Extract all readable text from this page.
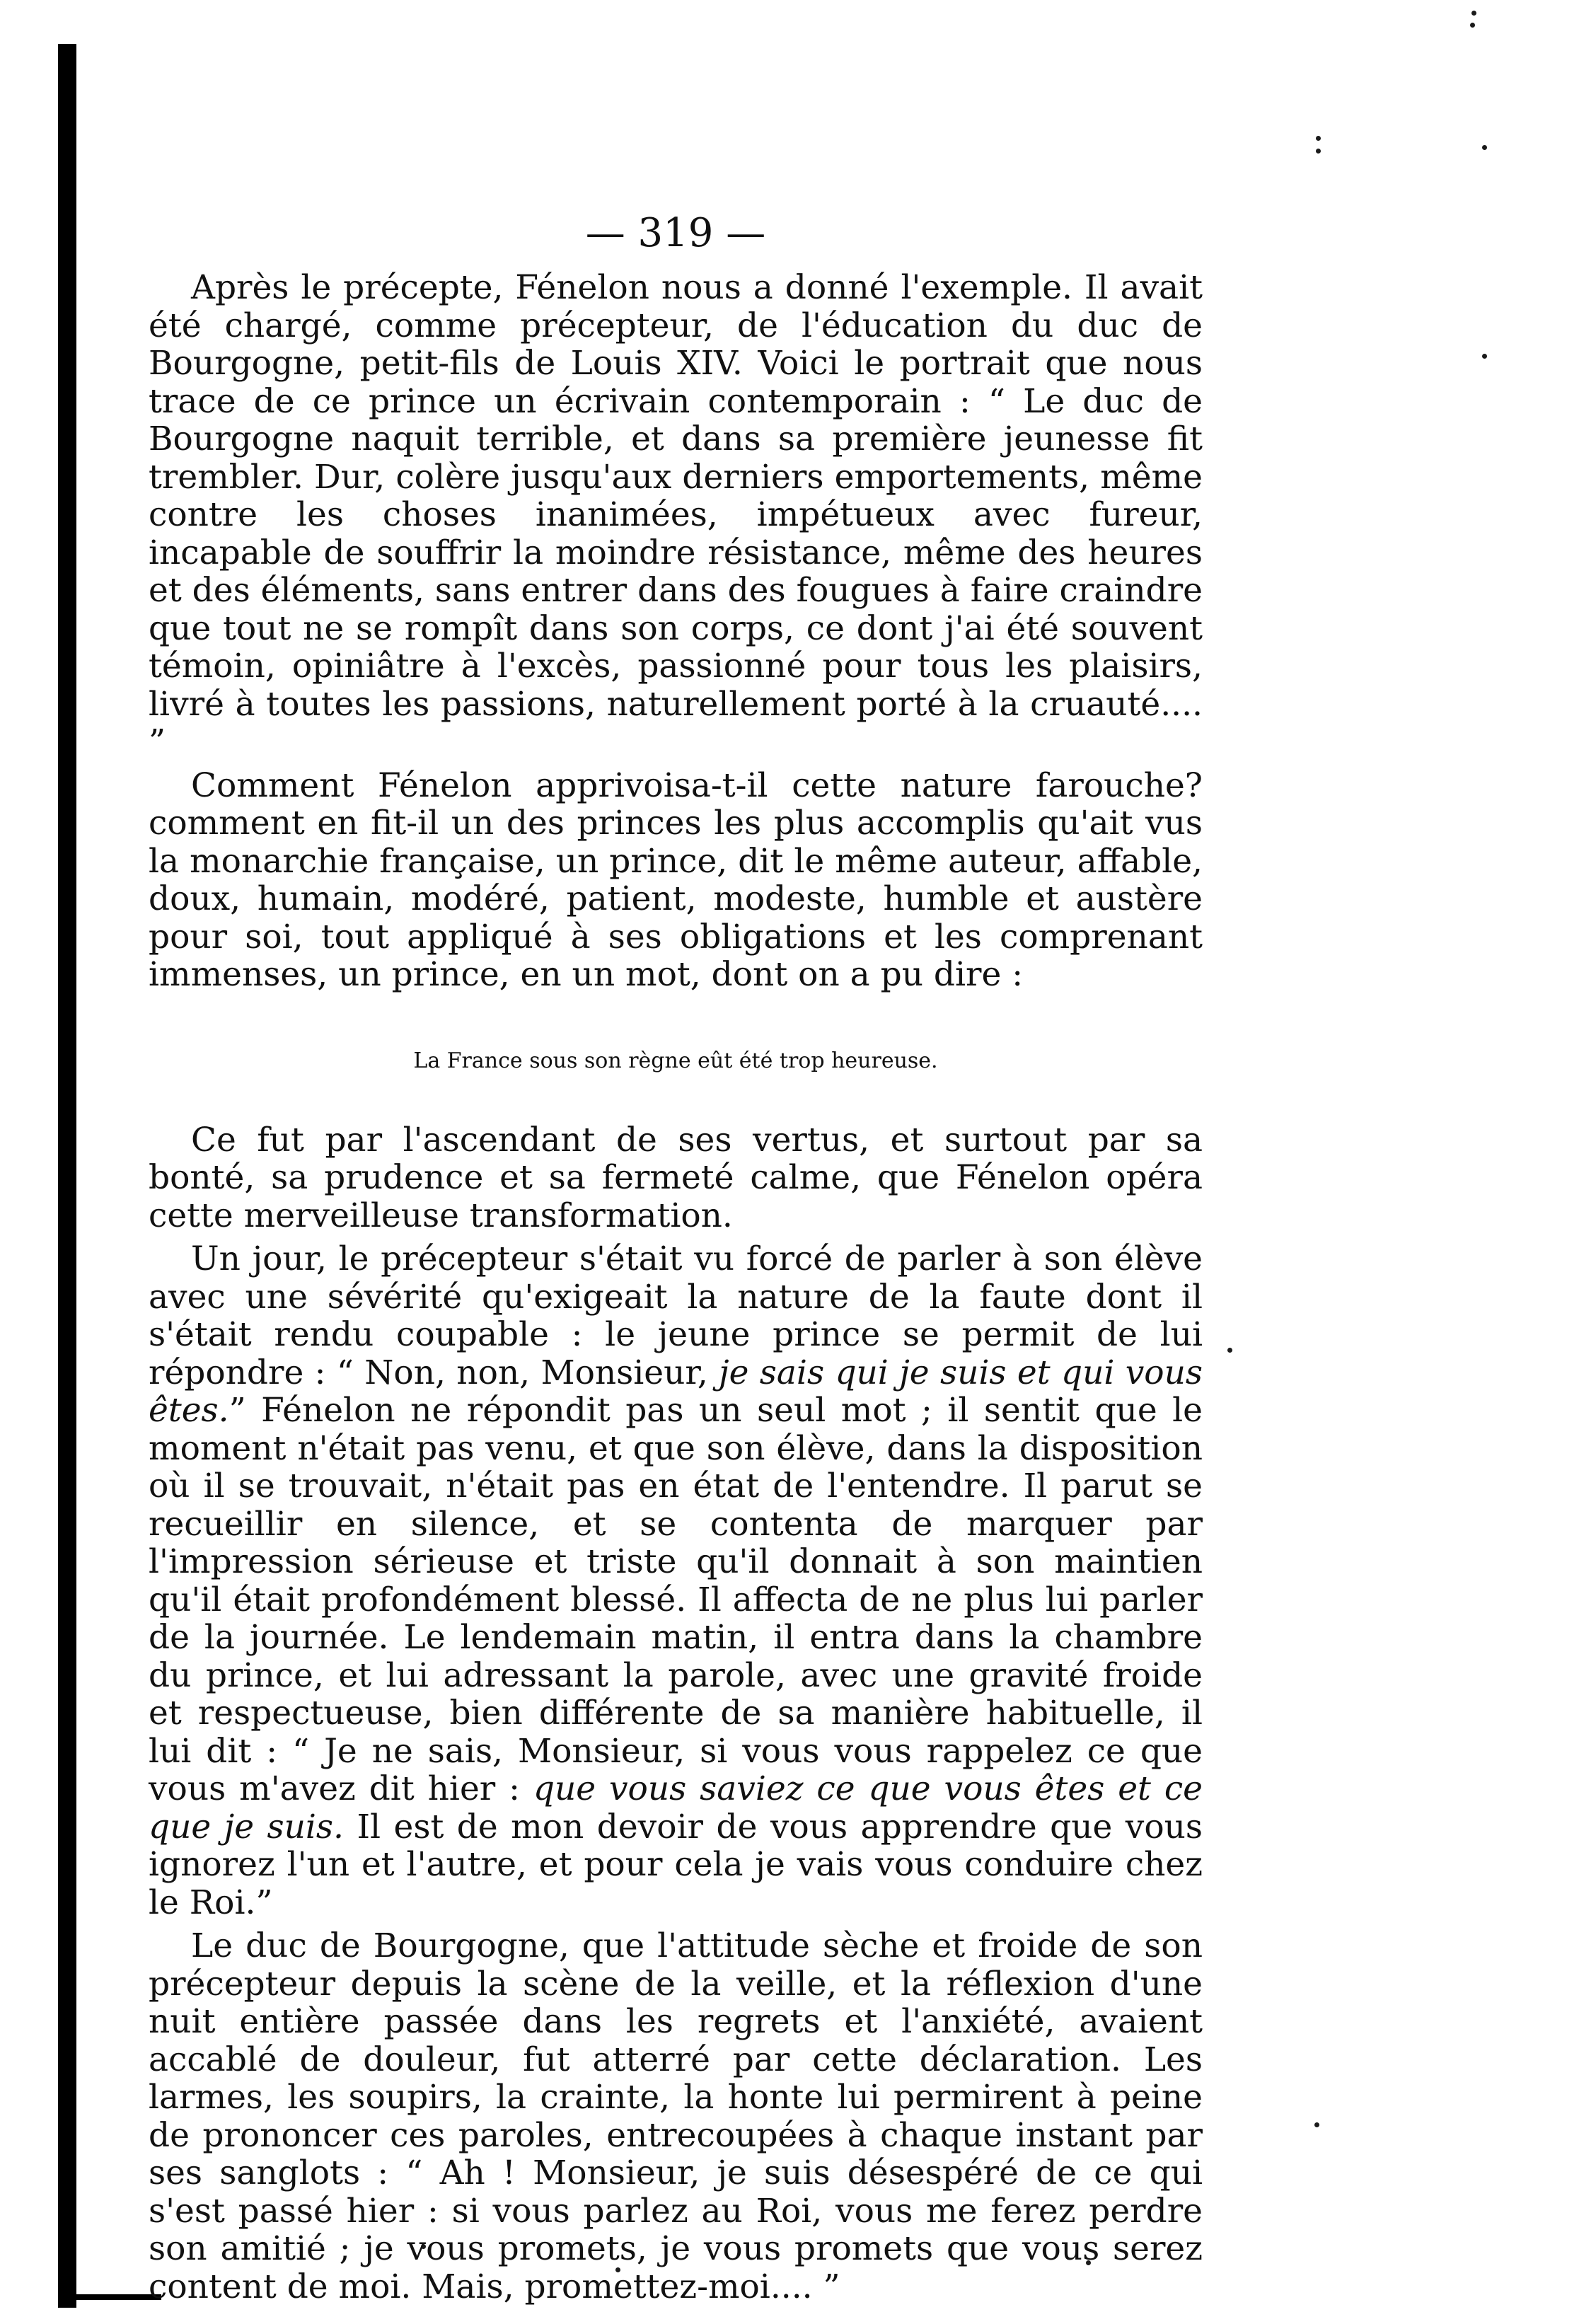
— 319 —

Après le précepte, Fénelon nous a donné l'exemple. Il avait été chargé, comme précepteur, de l'éducation du duc de Bourgogne, petit-fils de Louis XIV. Voici le portrait que nous trace de ce prince un écrivain contemporain : “ Le duc de Bourgogne naquit terrible, et dans sa première jeunesse fit trembler. Dur, colère jusqu'aux derniers emportements, même contre les choses inanimées, impétueux avec fureur, incapable de souffrir la moindre résistance, même des heures et des éléments, sans entrer dans des fougues à faire craindre que tout ne se rompît dans son corps, ce dont j'ai été souvent témoin, opiniâtre à l'excès, passionné pour tous les plaisirs, livré à toutes les passions, naturellement porté à la cruauté.... ”

Comment Fénelon apprivoisa-t-il cette nature farouche? comment en fit-il un des princes les plus accomplis qu'ait vus la monarchie française, un prince, dit le même auteur, affable, doux, humain, modéré, patient, modeste, humble et austère pour soi, tout appliqué à ses obligations et les comprenant immenses, un prince, en un mot, dont on a pu dire :

La France sous son règne eût été trop heureuse.

Ce fut par l'ascendant de ses vertus, et surtout par sa bonté, sa prudence et sa fermeté calme, que Fénelon opéra cette merveilleuse transformation.

Un jour, le précepteur s'était vu forcé de parler à son élève avec une sévérité qu'exigeait la nature de la faute dont il s'était rendu coupable : le jeune prince se permit de lui répondre : “ Non, non, Monsieur, je sais qui je suis et qui vous êtes.” Fénelon ne répondit pas un seul mot ; il sentit que le moment n'était pas venu, et que son élève, dans la disposition où il se trouvait, n'était pas en état de l'entendre. Il parut se recueillir en silence, et se contenta de marquer par l'impression sérieuse et triste qu'il donnait à son maintien qu'il était profondément blessé. Il affecta de ne plus lui parler de la journée. Le lendemain matin, il entra dans la chambre du prince, et lui adressant la parole, avec une gravité froide et respectueuse, bien différente de sa manière habituelle, il lui dit : “ Je ne sais, Monsieur, si vous vous rappelez ce que vous m'avez dit hier : que vous saviez ce que vous êtes et ce que je suis. Il est de mon devoir de vous apprendre que vous ignorez l'un et l'autre, et pour cela je vais vous conduire chez le Roi.”

Le duc de Bourgogne, que l'attitude sèche et froide de son précepteur depuis la scène de la veille, et la réflexion d'une nuit entière passée dans les regrets et l'anxiété, avaient accablé de douleur, fut atterré par cette déclaration. Les larmes, les soupirs, la crainte, la honte lui permirent à peine de prononcer ces paroles, entrecoupées à chaque instant par ses sanglots : “ Ah ! Monsieur, je suis désespéré de ce qui s'est passé hier : si vous parlez au Roi, vous me ferez perdre son amitié ; je vous promets, je vous promets que vous serez content de moi. Mais, promettez-moi.... ”
